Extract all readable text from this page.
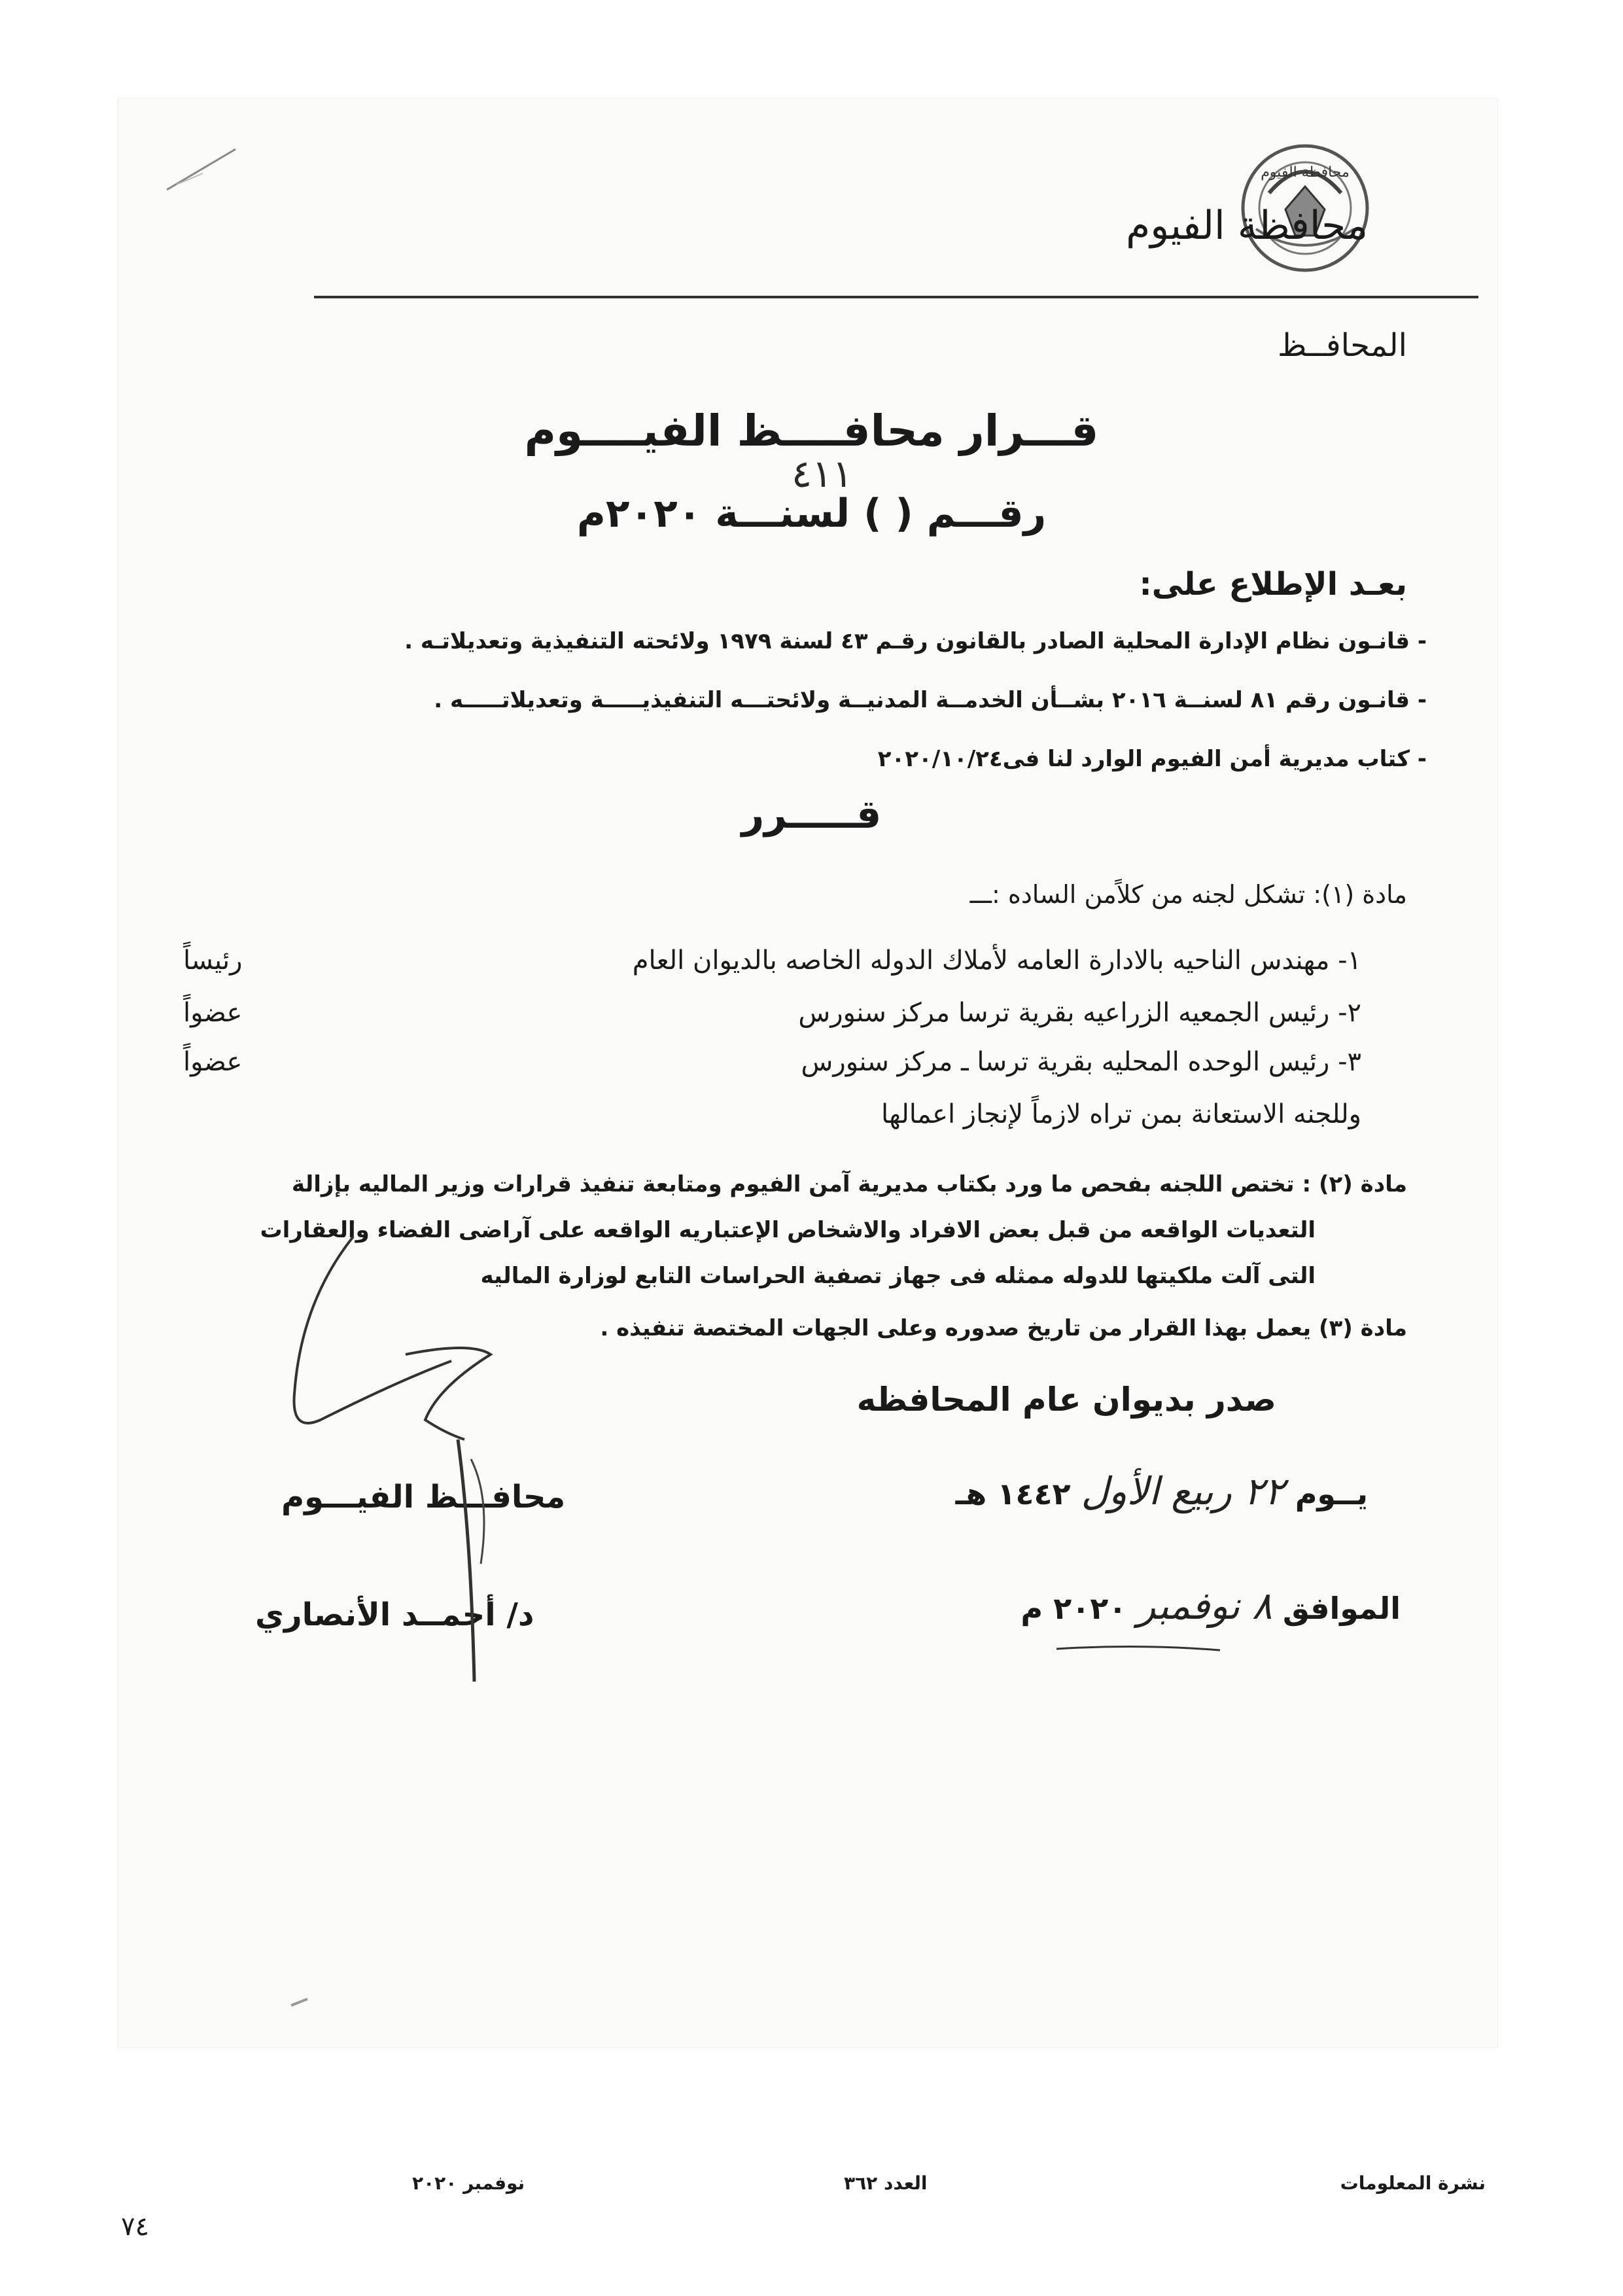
محافظة الفيوم
محافظة الفيوم
المحافــظ
قـــرار محافــــظ الفيــــوم
٤١١
رقـــم ( ) لسنـــة ٢٠٢٠م
بعـد الإطلاع على:
- قانـون نظام الإدارة المحلية الصادر بالقانون رقـم ٤٣ لسنة ١٩٧٩ ولائحته التنفيذية وتعديلاتـه .
- قانـون رقم ٨١ لسنــة ٢٠١٦ بشــأن الخدمــة المدنيــة ولائحتـــه التنفيذيـــــة وتعديلاتـــــه .
- كتاب مديرية أمن الفيوم الوارد لنا فى٢٠٢٠/١٠/٢٤
قـــــرر
مادة (١): تشكل لجنه من كلاًمن الساده :ـــ
١- مهندس الناحيه بالادارة العامه لأملاك الدوله الخاصه بالديوان العام
رئيساً
٢- رئيس الجمعيه الزراعيه بقرية ترسا مركز سنورس
عضواً
٣- رئيس الوحده المحليه بقرية ترسا ـ مركز سنورس
عضواً
وللجنه الاستعانة بمن تراه لازماً لإنجاز اعمالها
مادة (٢) : تختص اللجنه بفحص ما ورد بكتاب مديرية آمن الفيوم ومتابعة تنفيذ قرارات وزير الماليه بإزالة
التعديات الواقعه من قبل بعض الافراد والاشخاص الإعتباريه الواقعه على آراضى الفضاء والعقارات
التى آلت ملكيتها للدوله ممثله فى جهاز تصفية الحراسات التابع لوزارة الماليه
مادة (٣) يعمل بهذا القرار من تاريخ صدوره وعلى الجهات المختصة تنفيذه .
صدر بديوان عام المحافظه
يــوم ٢٢ ربيع الأول ١٤٤٢ هـ
الموافق ٨ نوفمبر ٢٠٢٠ م
محافـــظ الفيـــوم
د/ أحمــد الأنصاري
نشرة المعلومات
العدد ٣٦٢
نوفمبر ٢٠٢٠
٧٤
